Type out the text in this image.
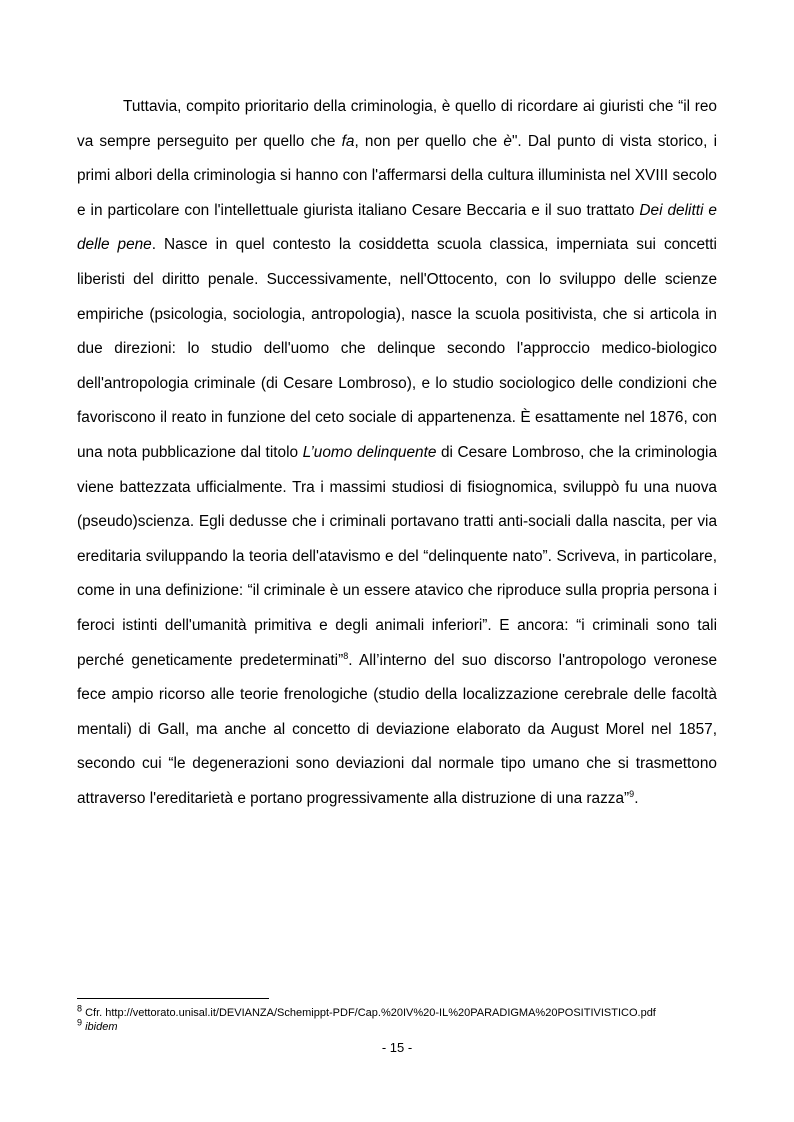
Tuttavia, compito prioritario della criminologia, è quello di ricordare ai giuristi che “il reo va sempre perseguito per quello che fa, non per quello che è". Dal punto di vista storico, i primi albori della criminologia si hanno con l'affermarsi della cultura illuminista nel XVIII secolo e in particolare con l'intellettuale giurista italiano Cesare Beccaria e il suo trattato Dei delitti e delle pene. Nasce in quel contesto la cosiddetta scuola classica, imperniata sui concetti liberisti del diritto penale. Successivamente, nell'Ottocento, con lo sviluppo delle scienze empiriche (psicologia, sociologia, antropologia), nasce la scuola positivista, che si articola in due direzioni: lo studio dell'uomo che delinque secondo l'approccio medico-biologico dell'antropologia criminale (di Cesare Lombroso), e lo studio sociologico delle condizioni che favoriscono il reato in funzione del ceto sociale di appartenenza. È esattamente nel 1876, con una nota pubblicazione dal titolo L’uomo delinquente di Cesare Lombroso, che la criminologia viene battezzata ufficialmente. Tra i massimi studiosi di fisiognomica, sviluppò fu una nuova (pseudo)scienza. Egli dedusse che i criminali portavano tratti anti-sociali dalla nascita, per via ereditaria sviluppando la teoria dell'atavismo e del “delinquente nato”. Scriveva, in particolare, come in una definizione: “il criminale è un essere atavico che riproduce sulla propria persona i feroci istinti dell'umanità primitiva e degli animali inferiori”. E ancora: “i criminali sono tali perché geneticamente predeterminati”$^8$. All’interno del suo discorso l'antropologo veronese fece ampio ricorso alle teorie frenologiche (studio della localizzazione cerebrale delle facoltà mentali) di Gall, ma anche al concetto di deviazione elaborato da August Morel nel 1857, secondo cui “le degenerazioni sono deviazioni dal normale tipo umano che si trasmettono attraverso l'ereditarietà e portano progressivamente alla distruzione di una razza”$^9$.

$^8$ Cfr. http://vettorato.unisal.it/DEVIANZA/Schemippt-PDF/Cap.%20IV%20-IL%20PARADIGMA%20POSITIVISTICO.pdf

$^9$ ibidem

- 15 -
